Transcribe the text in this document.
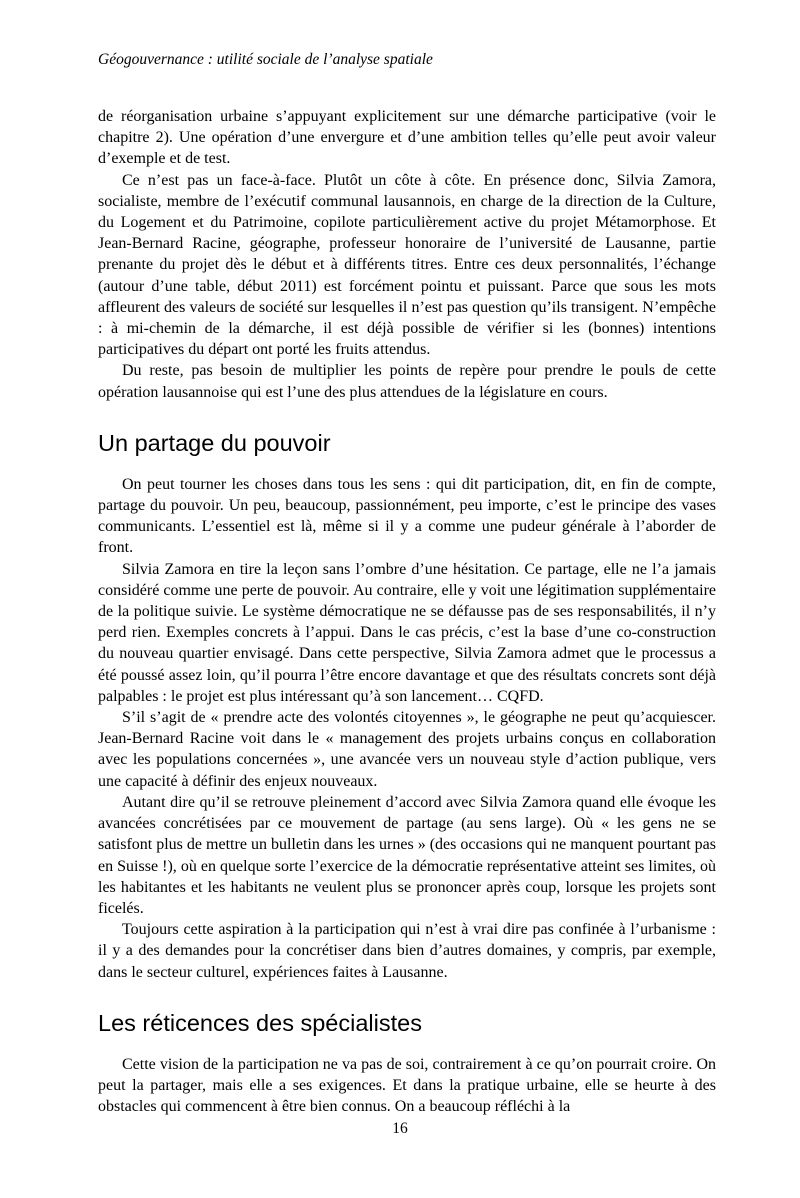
Géogouvernance : utilité sociale de l’analyse spatiale

de réorganisation urbaine s’appuyant explicitement sur une démarche participative (voir le chapitre 2). Une opération d’une envergure et d’une ambition telles qu’elle peut avoir valeur d’exemple et de test.

Ce n’est pas un face-à-face. Plutôt un côte à côte. En présence donc, Silvia Zamora, socialiste, membre de l’exécutif communal lausannois, en charge de la direction de la Culture, du Logement et du Patrimoine, copilote particulièrement active du projet Métamorphose. Et Jean-Bernard Racine, géographe, professeur honoraire de l’université de Lausanne, partie prenante du projet dès le début et à différents titres. Entre ces deux personnalités, l’échange (autour d’une table, début 2011) est forcément pointu et puissant. Parce que sous les mots affleurent des valeurs de société sur lesquelles il n’est pas question qu’ils transigent. N’empêche : à mi-chemin de la démarche, il est déjà possible de vérifier si les (bonnes) intentions participatives du départ ont porté les fruits attendus.

Du reste, pas besoin de multiplier les points de repère pour prendre le pouls de cette opération lausannoise qui est l’une des plus attendues de la législature en cours.

Un partage du pouvoir

On peut tourner les choses dans tous les sens : qui dit participation, dit, en fin de compte, partage du pouvoir. Un peu, beaucoup, passionnément, peu importe, c’est le principe des vases communicants. L’essentiel est là, même si il y a comme une pudeur générale à l’aborder de front.

Silvia Zamora en tire la leçon sans l’ombre d’une hésitation. Ce partage, elle ne l’a jamais considéré comme une perte de pouvoir. Au contraire, elle y voit une légitimation supplémentaire de la politique suivie. Le système démocratique ne se défausse pas de ses responsabilités, il n’y perd rien. Exemples concrets à l’appui. Dans le cas précis, c’est la base d’une co-construction du nouveau quartier envisagé. Dans cette perspective, Silvia Zamora admet que le processus a été poussé assez loin, qu’il pourra l’être encore davantage et que des résultats concrets sont déjà palpables : le projet est plus intéressant qu’à son lancement… CQFD.

S’il s’agit de « prendre acte des volontés citoyennes », le géographe ne peut qu’acquiescer. Jean-Bernard Racine voit dans le « management des projets urbains conçus en collaboration avec les populations concernées », une avancée vers un nouveau style d’action publique, vers une capacité à définir des enjeux nouveaux.

Autant dire qu’il se retrouve pleinement d’accord avec Silvia Zamora quand elle évoque les avancées concrétisées par ce mouvement de partage (au sens large). Où « les gens ne se satisfont plus de mettre un bulletin dans les urnes » (des occasions qui ne manquent pourtant pas en Suisse !), où en quelque sorte l’exercice de la démocratie représentative atteint ses limites, où les habitantes et les habitants ne veulent plus se prononcer après coup, lorsque les projets sont ficelés.

Toujours cette aspiration à la participation qui n’est à vrai dire pas confinée à l’urbanisme : il y a des demandes pour la concrétiser dans bien d’autres domaines, y compris, par exemple, dans le secteur culturel, expériences faites à Lausanne.

Les réticences des spécialistes

Cette vision de la participation ne va pas de soi, contrairement à ce qu’on pourrait croire. On peut la partager, mais elle a ses exigences. Et dans la pratique urbaine, elle se heurte à des obstacles qui commencent à être bien connus. On a beaucoup réfléchi à la

16
